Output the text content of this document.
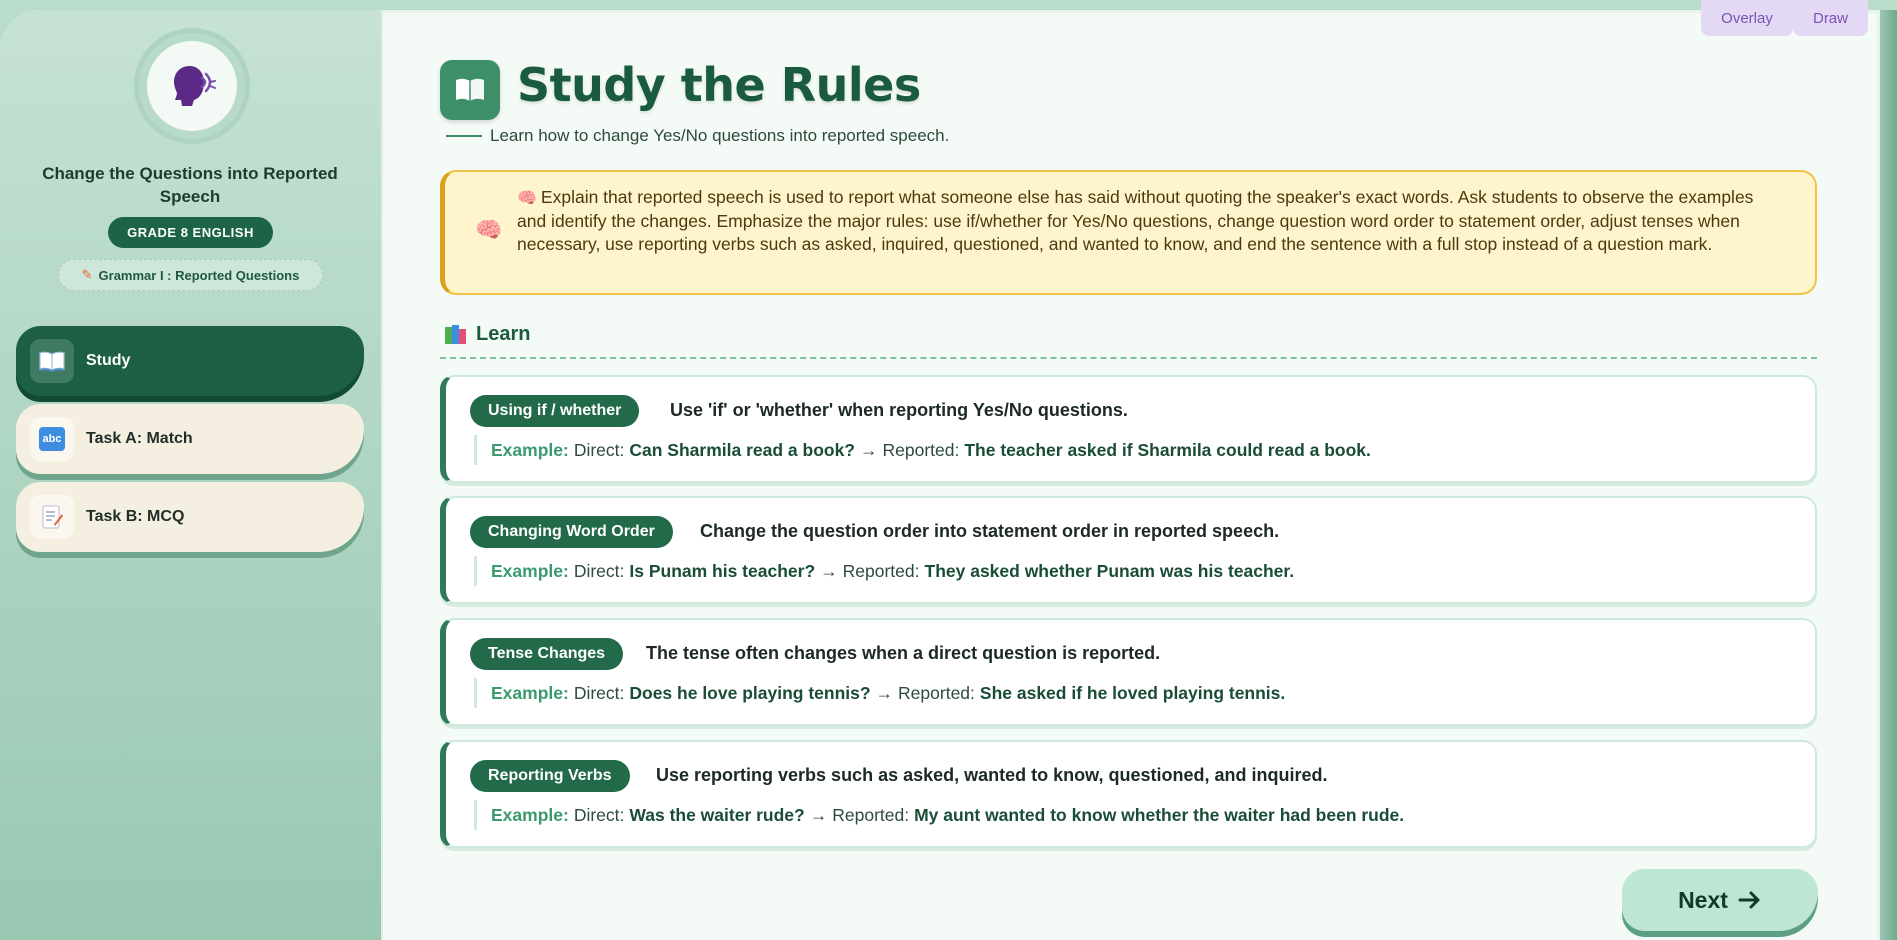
Change the Questions into Reported Speech
GRADE 8 ENGLISH
✎ Grammar I : Reported Questions
Study
abc Task A: Match
Task B: MCQ
Study the Rules
Learn how to change Yes/No questions into reported speech.
🧠
🧠 Explain that reported speech is used to report what someone else has said without quoting the speaker's exact words. Ask students to observe the examples and identify the changes. Emphasize the major rules: use if/whether for Yes/No questions, change question word order to statement order, adjust tenses when necessary, use reporting verbs such as asked, inquired, questioned, and wanted to know, and end the sentence with a full stop instead of a question mark.
Learn
Using if / whether	Use 'if' or 'whether' when reporting Yes/No questions.
Example: Direct: Can Sharmila read a book? → Reported: The teacher asked if Sharmila could read a book.
Changing Word Order	Change the question order into statement order in reported speech.
Example: Direct: Is Punam his teacher? → Reported: They asked whether Punam was his teacher.
Tense Changes	The tense often changes when a direct question is reported.
Example: Direct: Does he love playing tennis? → Reported: She asked if he loved playing tennis.
Reporting Verbs	Use reporting verbs such as asked, wanted to know, questioned, and inquired.
Example: Direct: Was the waiter rude? → Reported: My aunt wanted to know whether the waiter had been rude.
Overlay	Draw
Next
